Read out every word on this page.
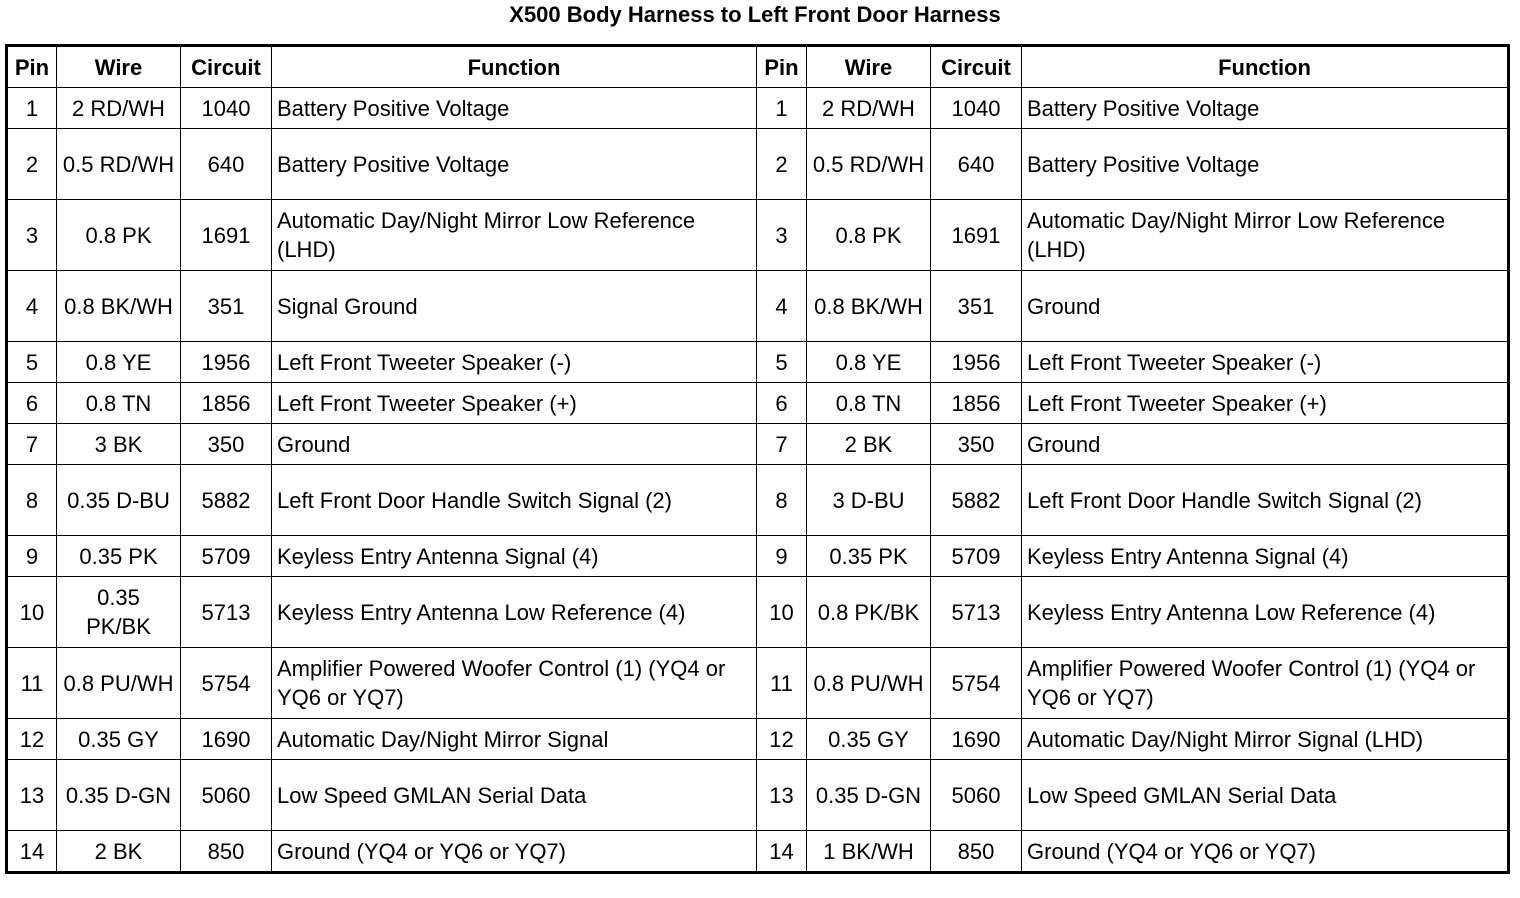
X500 Body Harness to Left Front Door Harness
Pin	Wire	Circuit	Function	Pin	Wire	Circuit	Function
1	2 RD/WH	1040	Battery Positive Voltage	1	2 RD/WH	1040	Battery Positive Voltage
2	0.5 RD/WH	640	Battery Positive Voltage	2	0.5 RD/WH	640	Battery Positive Voltage
3	0.8 PK	1691	Automatic Day/Night Mirror Low Reference (LHD)	3	0.8 PK	1691	Automatic Day/Night Mirror Low Reference (LHD)
4	0.8 BK/WH	351	Signal Ground	4	0.8 BK/WH	351	Ground
5	0.8 YE	1956	Left Front Tweeter Speaker (-)	5	0.8 YE	1956	Left Front Tweeter Speaker (-)
6	0.8 TN	1856	Left Front Tweeter Speaker (+)	6	0.8 TN	1856	Left Front Tweeter Speaker (+)
7	3 BK	350	Ground	7	2 BK	350	Ground
8	0.35 D-BU	5882	Left Front Door Handle Switch Signal (2)	8	3 D-BU	5882	Left Front Door Handle Switch Signal (2)
9	0.35 PK	5709	Keyless Entry Antenna Signal (4)	9	0.35 PK	5709	Keyless Entry Antenna Signal (4)
10	0.35 PK/BK	5713	Keyless Entry Antenna Low Reference (4)	10	0.8 PK/BK	5713	Keyless Entry Antenna Low Reference (4)
11	0.8 PU/WH	5754	Amplifier Powered Woofer Control (1) (YQ4 or YQ6 or YQ7)	11	0.8 PU/WH	5754	Amplifier Powered Woofer Control (1) (YQ4 or YQ6 or YQ7)
12	0.35 GY	1690	Automatic Day/Night Mirror Signal	12	0.35 GY	1690	Automatic Day/Night Mirror Signal (LHD)
13	0.35 D-GN	5060	Low Speed GMLAN Serial Data	13	0.35 D-GN	5060	Low Speed GMLAN Serial Data
14	2 BK	850	Ground (YQ4 or YQ6 or YQ7)	14	1 BK/WH	850	Ground (YQ4 or YQ6 or YQ7)
